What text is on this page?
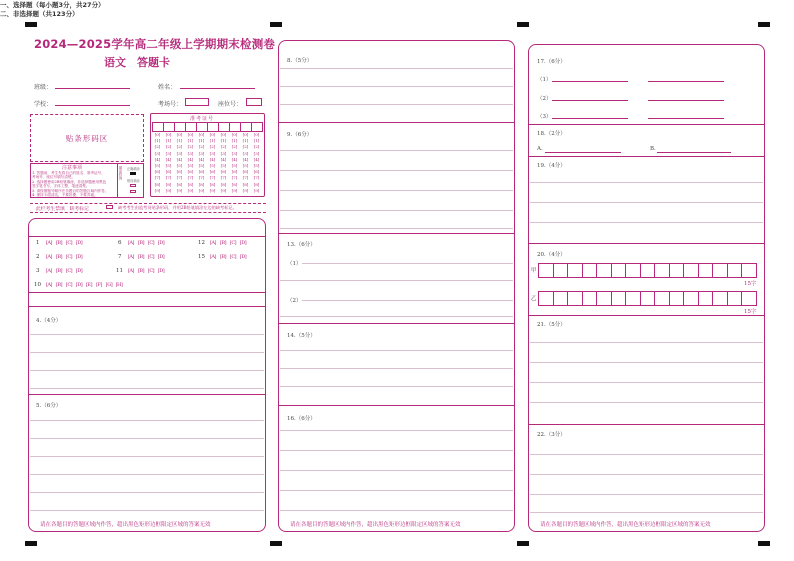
2024—2025学年高二年级上学期期末检测卷
语文　答题卡
班级：	姓名：
学校：	考场号：	座位号：
贴条形码区
准考证号
[0]	[0]	[0]	[0]	[0]	[0]	[0]	[0]	[0]	[0]
[1]	[1]	[1]	[1]	[1]	[1]	[1]	[1]	[1]	[1]
[2]	[2]	[2]	[2]	[2]	[2]	[2]	[2]	[2]	[2]
[3]	[3]	[3]	[3]	[3]	[3]	[3]	[3]	[3]	[3]
[4]	[4]	[4]	[4]	[4]	[4]	[4]	[4]	[4]	[4]
[5]	[5]	[5]	[5]	[5]	[5]	[5]	[5]	[5]	[5]
[6]	[6]	[6]	[6]	[6]	[6]	[6]	[6]	[6]	[6]
[7]	[7]	[7]	[7]	[7]	[7]	[7]	[7]	[7]	[7]
[8]	[8]	[8]	[8]	[8]	[8]	[8]	[8]	[8]	[8]
[9]	[9]	[9]	[9]	[9]	[9]	[9]	[9]	[9]	[9]
注意事项
1. 答题前，考生先将自己的姓名、准考证号、
考场号、座位号填写清楚。
2. 选择题使用2B铅笔填涂，非选择题使用黑色
签字笔书写，字体工整、笔迹清楚。
3. 请按照题号顺序在各题目的答题区域内作答。
4. 保持卡面清洁，不要折叠、不要弄破。
填涂样例	正确填涂
错误填涂
此栏考生禁填　缺考标记	缺考考生由监考员贴条形码，并用2B铅笔填涂左边的缺考标记。
一、选择题（每小题3分，共27分）
1	[A] [B] [C] [D]	6	[A] [B] [C] [D]	12 [A] [B] [C] [D]
2	[A] [B] [C] [D]	7	[A] [B] [C] [D]	15 [A] [B] [C] [D]
3	[A] [B] [C] [D]	11 [A] [B] [C] [D]
10 [A] [B] [C] [D] [E] [F] [G] [H]
二、非选择题（共123分）
4.（4分）
5.（6分）
请在各题目的答题区域内作答，超出黑色矩形边框限定区域的答案无效
8.（5分）
9.（6分）
13.（6分）
（1）
（2）
14.（5分）
16.（6分）
请在各题目的答题区域内作答，超出黑色矩形边框限定区域的答案无效
17.（6分）
（1）
（2）
（3）
18.（2分）
A.	B.
19.（4分）
20.（4分）
甲
15字
乙
15字
21.（5分）
22.（3分）
请在各题目的答题区域内作答，超出黑色矩形边框限定区域的答案无效
